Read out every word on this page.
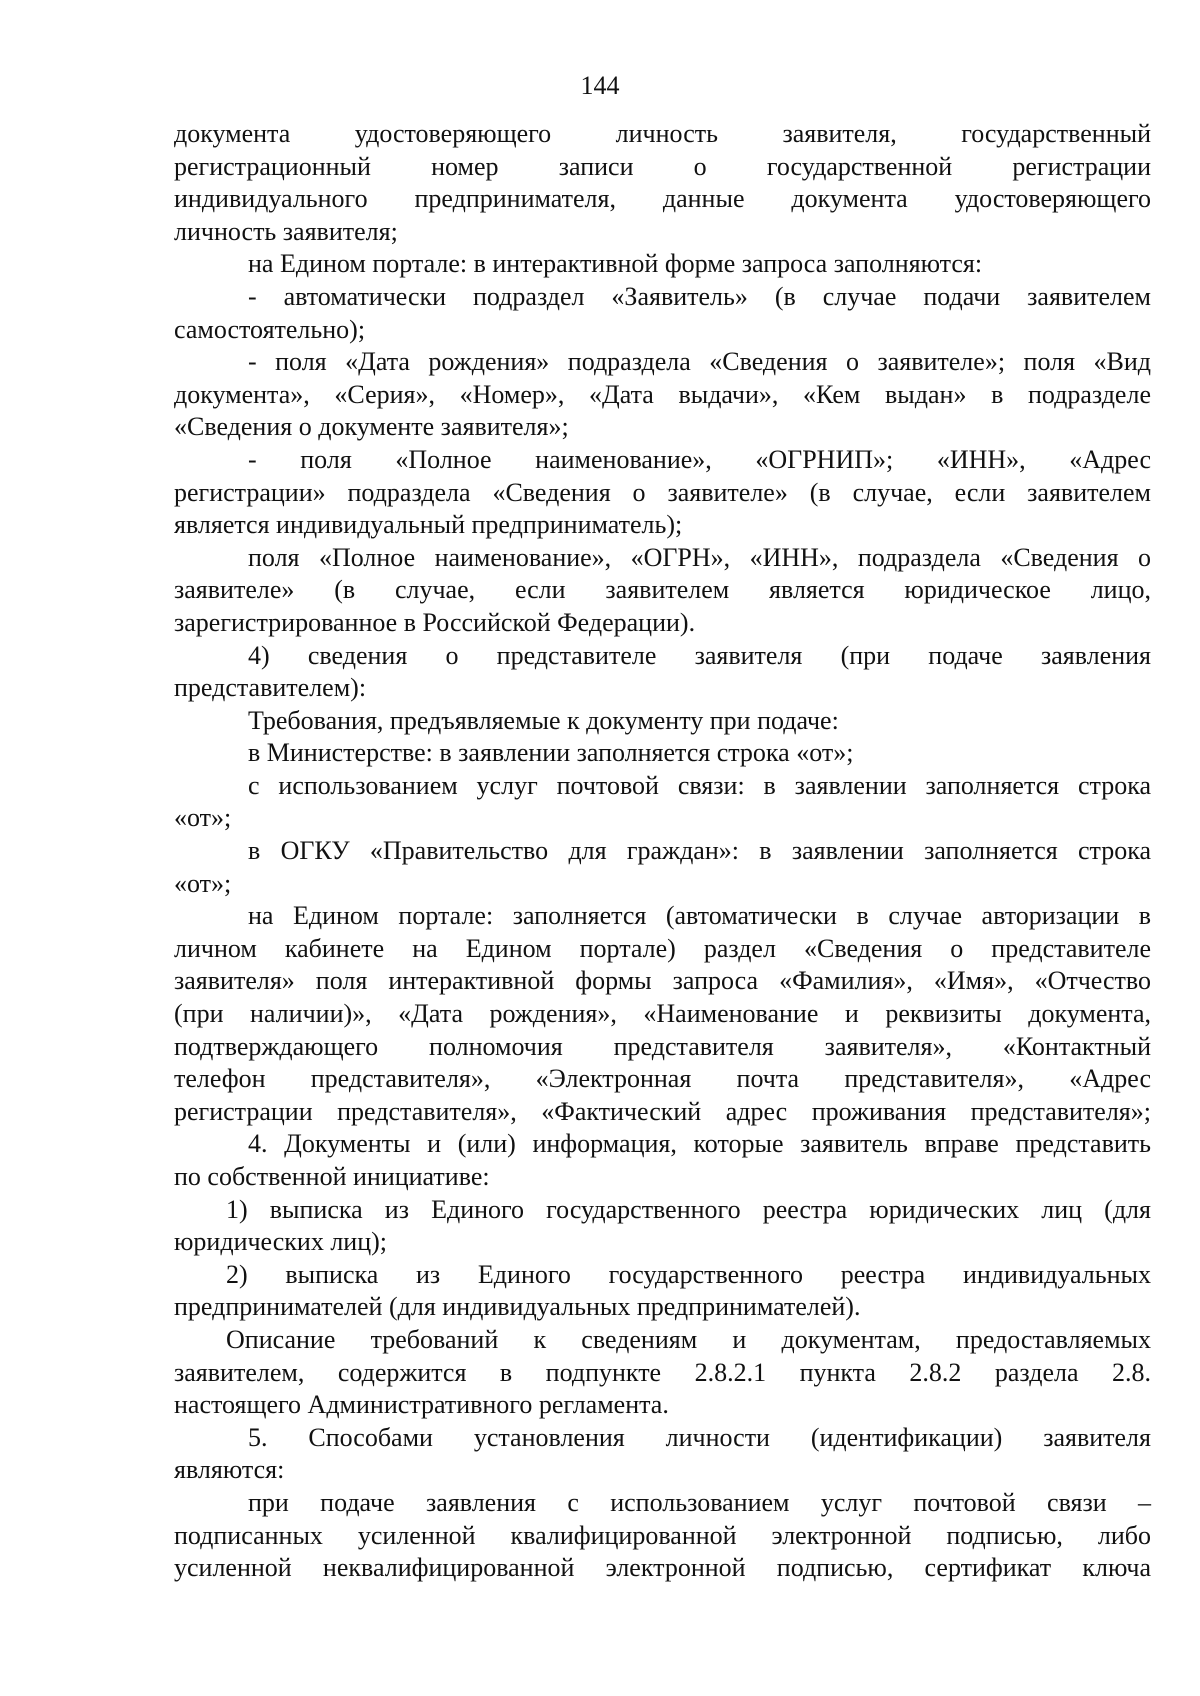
144
документа удостоверяющего личность заявителя, государственный
регистрационный номер записи о государственной регистрации
индивидуального предпринимателя, данные документа удостоверяющего
личность заявителя;
на Едином портале: в интерактивной форме запроса заполняются:
- автоматически подраздел «Заявитель» (в случае подачи заявителем
самостоятельно);
- поля «Дата рождения» подраздела «Сведения о заявителе»; поля «Вид
документа», «Серия», «Номер», «Дата выдачи», «Кем выдан» в подразделе
«Сведения о документе заявителя»;
- поля «Полное наименование», «ОГРНИП»; «ИНН», «Адрес
регистрации» подраздела «Сведения о заявителе» (в случае, если заявителем
является индивидуальный предприниматель);
поля «Полное наименование», «ОГРН», «ИНН», подраздела «Сведения о
заявителе» (в случае, если заявителем является юридическое лицо,
зарегистрированное в Российской Федерации).
4) сведения о представителе заявителя (при подаче заявления
представителем):
Требования, предъявляемые к документу при подаче:
в Министерстве: в заявлении заполняется строка «от»;
с использованием услуг почтовой связи: в заявлении заполняется строка
«от»;
в ОГКУ «Правительство для граждан»: в заявлении заполняется строка
«от»;
на Едином портале: заполняется (автоматически в случае авторизации в
личном кабинете на Едином портале) раздел «Сведения о представителе
заявителя» поля интерактивной формы запроса «Фамилия», «Имя», «Отчество
(при наличии)», «Дата рождения», «Наименование и реквизиты документа,
подтверждающего полномочия представителя заявителя», «Контактный
телефон представителя», «Электронная почта представителя», «Адрес
регистрации представителя», «Фактический адрес проживания представителя»;
4. Документы и (или) информация, которые заявитель вправе представить
по собственной инициативе:
1) выписка из Единого государственного реестра юридических лиц (для
юридических лиц);
2) выписка из Единого государственного реестра индивидуальных
предпринимателей (для индивидуальных предпринимателей).
Описание требований к сведениям и документам, предоставляемых
заявителем, содержится в подпункте 2.8.2.1 пункта 2.8.2 раздела 2.8.
настоящего Административного регламента.
5. Способами установления личности (идентификации) заявителя
являются:
при подаче заявления с использованием услуг почтовой связи –
подписанных усиленной квалифицированной электронной подписью, либо
усиленной неквалифицированной электронной подписью, сертификат ключа
